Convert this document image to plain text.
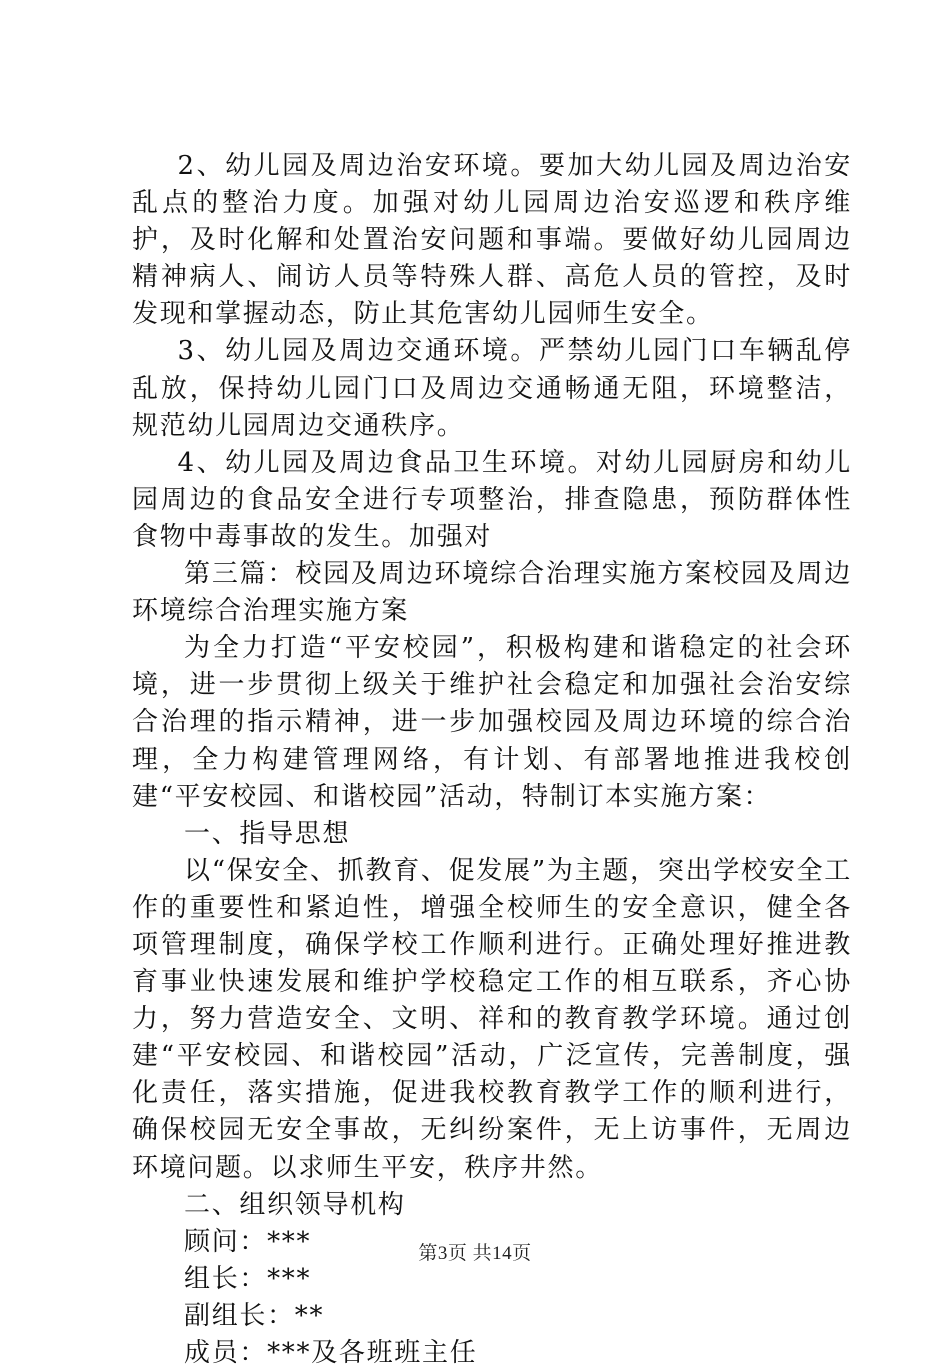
2、幼儿园及周边治安环境。要加大幼儿园及周边治安乱点的整治力度。加强对幼儿园周边治安巡逻和秩序维护，及时化解和处置治安问题和事端。要做好幼儿园周边精神病人、闹访人员等特殊人群、高危人员的管控，及时发现和掌握动态，防止其危害幼儿园师生安全。

3、幼儿园及周边交通环境。严禁幼儿园门口车辆乱停乱放，保持幼儿园门口及周边交通畅通无阻，环境整洁，规范幼儿园周边交通秩序。

4、幼儿园及周边食品卫生环境。对幼儿园厨房和幼儿园周边的食品安全进行专项整治，排查隐患，预防群体性食物中毒事故的发生。加强对

第三篇：校园及周边环境综合治理实施方案校园及周边环境综合治理实施方案

为全力打造“平安校园”，积极构建和谐稳定的社会环境，进一步贯彻上级关于维护社会稳定和加强社会治安综合治理的指示精神，进一步加强校园及周边环境的综合治理，全力构建管理网络，有计划、有部署地推进我校创建“平安校园、和谐校园”活动，特制订本实施方案：

一、指导思想

以“保安全、抓教育、促发展”为主题，突出学校安全工作的重要性和紧迫性，增强全校师生的安全意识，健全各项管理制度，确保学校工作顺利进行。正确处理好推进教育事业快速发展和维护学校稳定工作的相互联系，齐心协力，努力营造安全、文明、祥和的教育教学环境。通过创建“平安校园、和谐校园”活动，广泛宣传，完善制度，强化责任，落实措施，促进我校教育教学工作的顺利进行，确保校园无安全事故，无纠纷案件，无上访事件，无周边环境问题。以求师生平安，秩序井然。

二、组织领导机构

顾问：***

组长：***

副组长：**

成员：***及各班班主任

第3页 共14页
